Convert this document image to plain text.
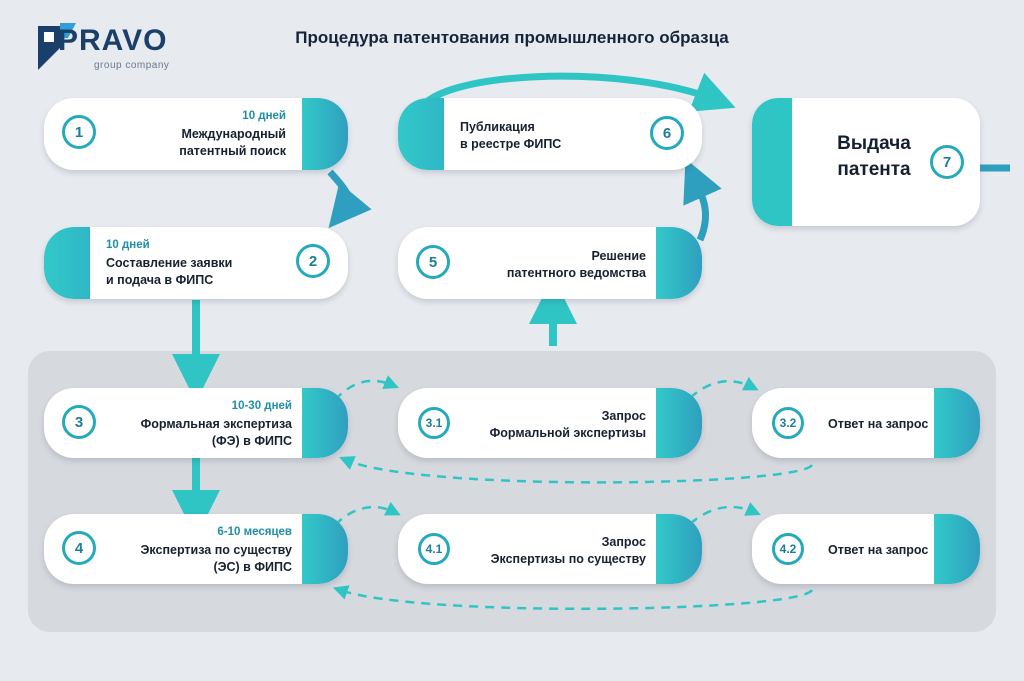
PRAVO
group company
Процедура патентования промышленного образца
10 дней
Международный
патентный поиск
1
10 дней
Составление заявки
и подача в ФИПС
2
10-30 дней
Формальная экспертиза
(ФЭ) в ФИПС
3	Запрос
Формальной экспертизы
3.1	Ответ на запрос
3.2
6-10 месяцев
Экспертиза по существу
(ЭС) в ФИПС
4	Запрос
Экспертизы по существу
4.1	Ответ на запрос
4.2
Решение
патентного ведомства
5
Публикация
в реестре ФИПС
6	Выдача
патента	7
